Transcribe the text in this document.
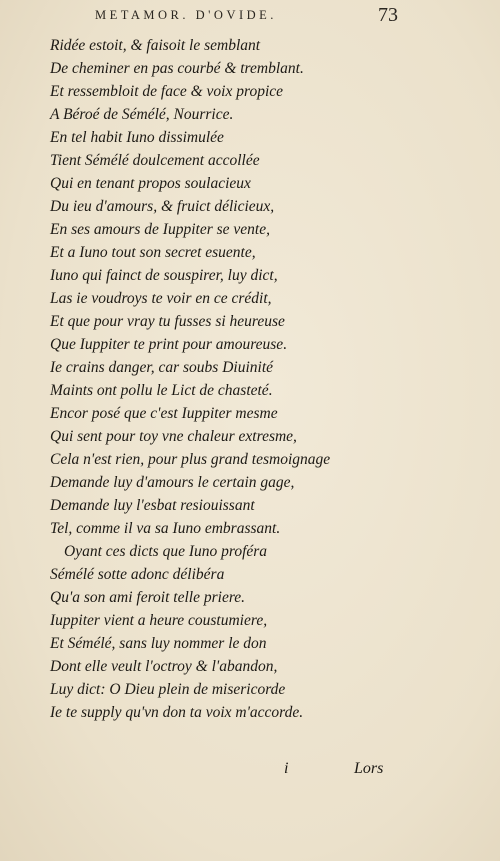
METAMOR. D'OVIDE.	73
Ridée estoit, & faisoit le semblant
De cheminer en pas courbé & tremblant.
Et ressembloit de face & voix propice
A Béroé de Sémélé, Nourrice.
En tel habit Iuno dissimulée
Tient Sémélé doulcement accollée
Qui en tenant propos soulacieux
Du ieu d'amours, & fruict délicieux,
En ses amours de Iuppiter se vente,
Et a Iuno tout son secret esuente,
Iuno qui fainct de souspirer, luy dict,
Las ie voudroys te voir en ce crédit,
Et que pour vray tu fusses si heureuse
Que Iuppiter te print pour amoureuse.
Ie crains danger, car soubs Diuinité
Maints ont pollu le Lict de chasteté.
Encor posé que c'est Iuppiter mesme
Qui sent pour toy vne chaleur extresme,
Cela n'est rien, pour plus grand tesmoignage
Demande luy d'amours le certain gage,
Demande luy l'esbat resiouissant
Tel, comme il va sa Iuno embrassant.
Oyant ces dicts que Iuno proféra
Sémélé sotte adonc délibéra
Qu'a son ami feroit telle priere.
Iuppiter vient a heure coustumiere,
Et Sémélé, sans luy nommer le don
Dont elle veult l'octroy & l'abandon,
Luy dict: O Dieu plein de misericorde
Ie te supply qu'vn don ta voix m'accorde.
i	Lors
